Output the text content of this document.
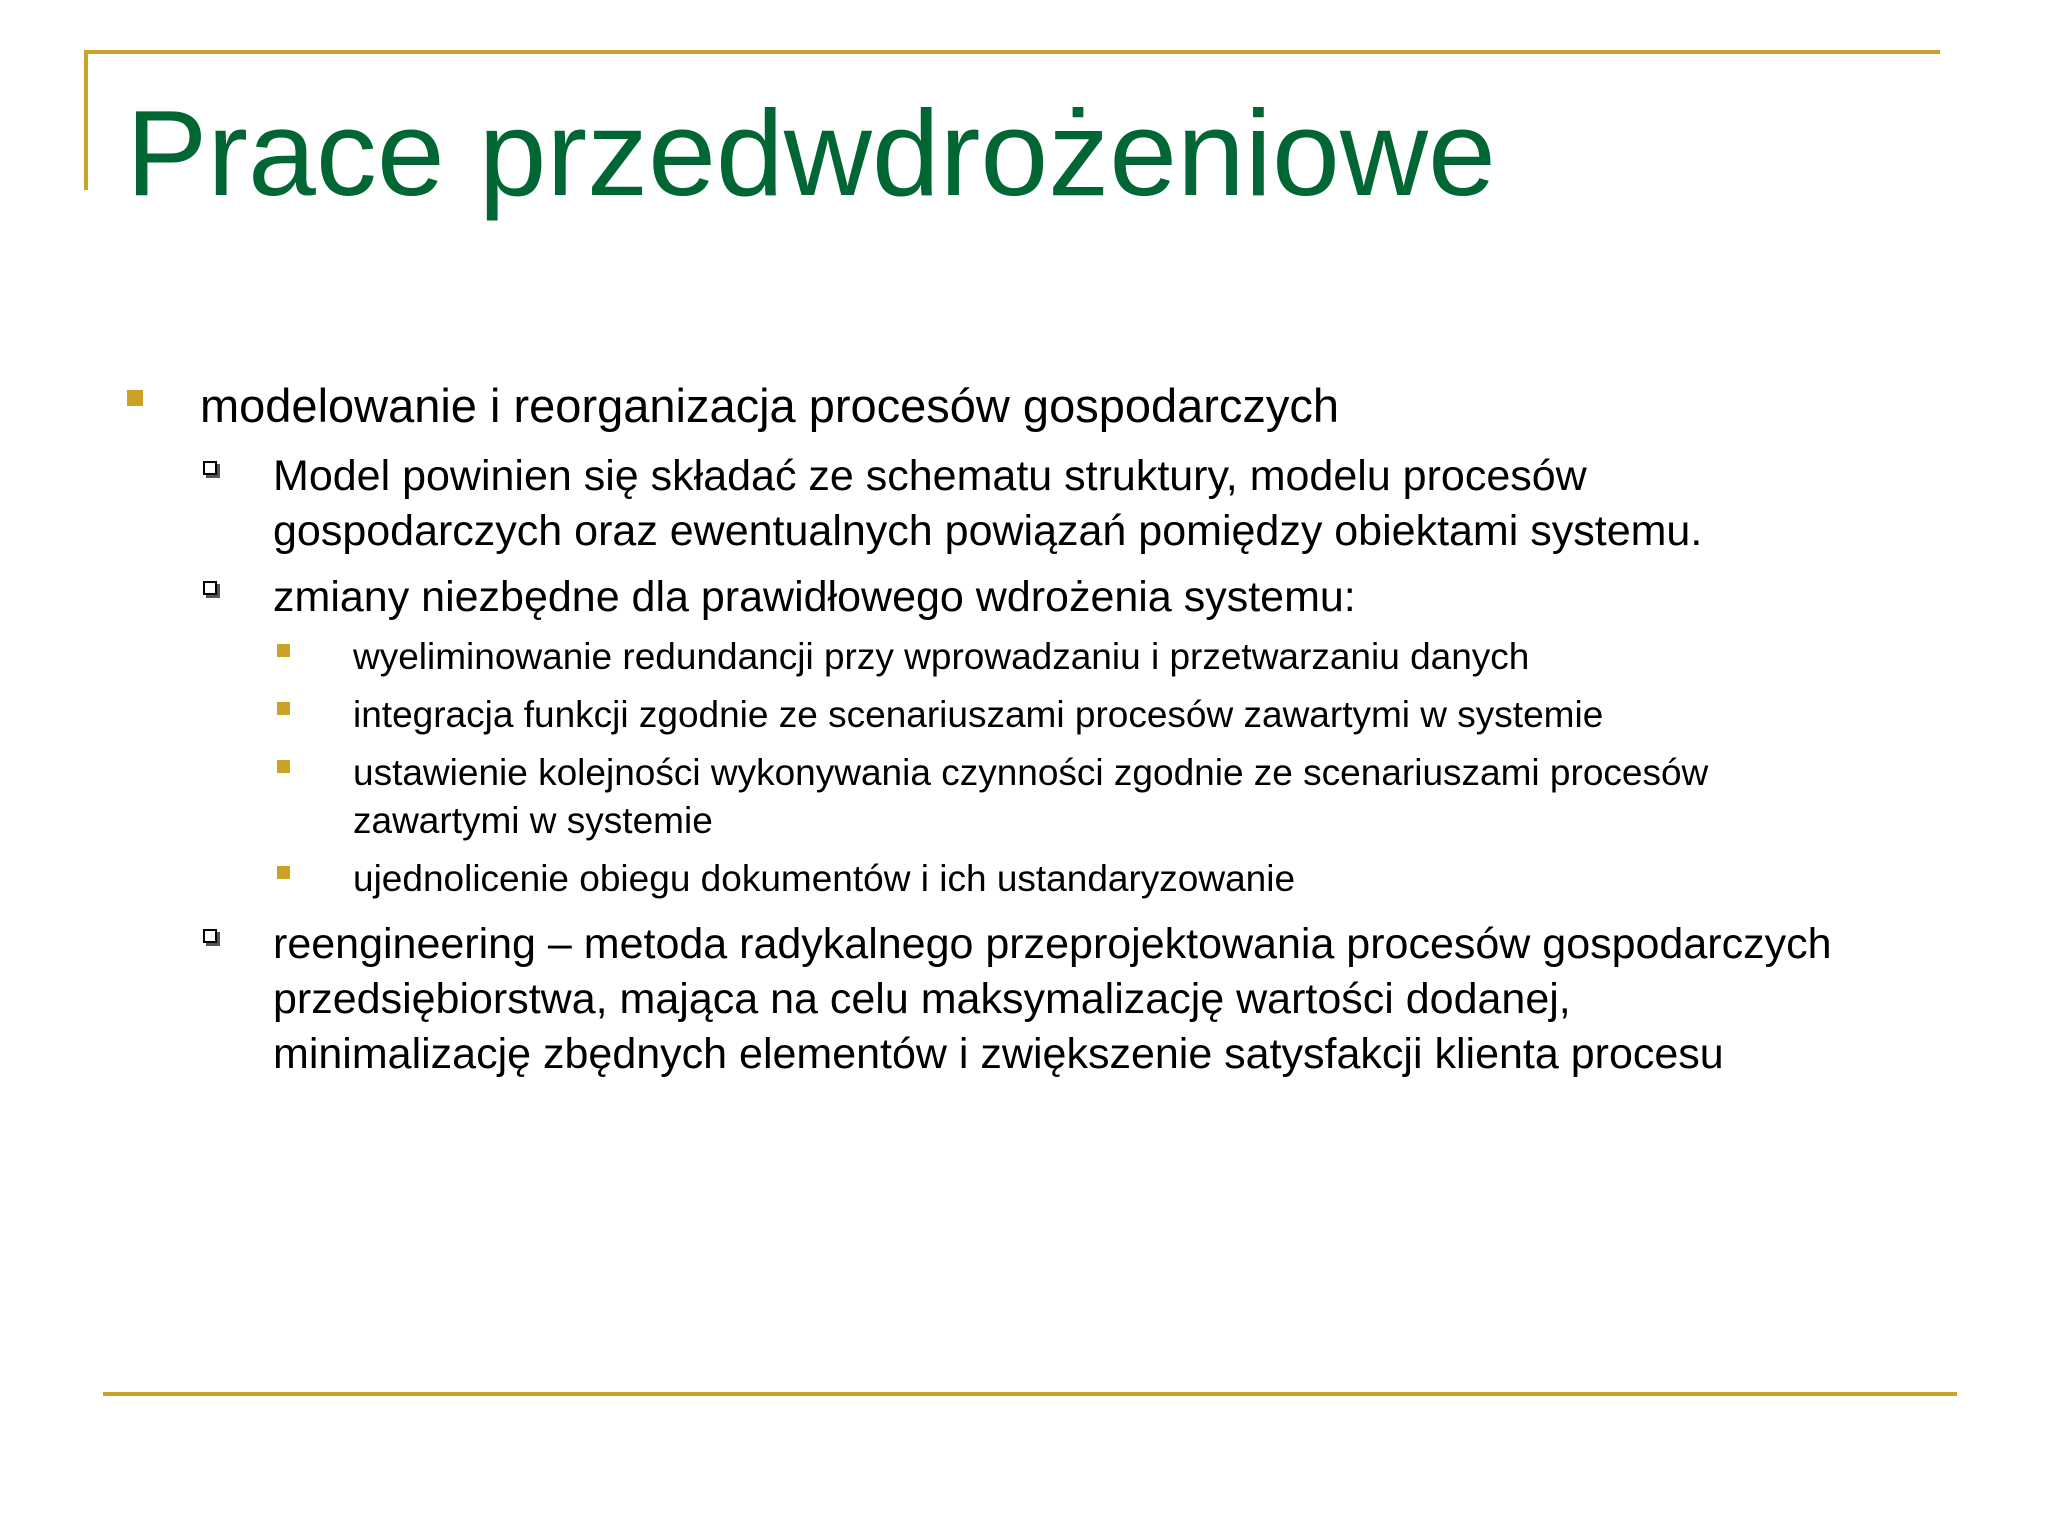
Prace przedwdrożeniowe
modelowanie i reorganizacja procesów gospodarczych
Model powinien się składać ze schematu struktury, modelu procesów
gospodarczych oraz ewentualnych powiązań pomiędzy obiektami systemu.
zmiany niezbędne dla prawidłowego wdrożenia systemu:
wyeliminowanie redundancji przy wprowadzaniu i przetwarzaniu danych
integracja funkcji zgodnie ze scenariuszami procesów zawartymi w systemie
ustawienie kolejności wykonywania czynności zgodnie ze scenariuszami procesów
zawartymi w systemie
ujednolicenie obiegu dokumentów i ich ustandaryzowanie
reengineering – metoda radykalnego przeprojektowania procesów gospodarczych
przedsiębiorstwa, mająca na celu maksymalizację wartości dodanej,
minimalizację zbędnych elementów i zwiększenie satysfakcji klienta procesu
